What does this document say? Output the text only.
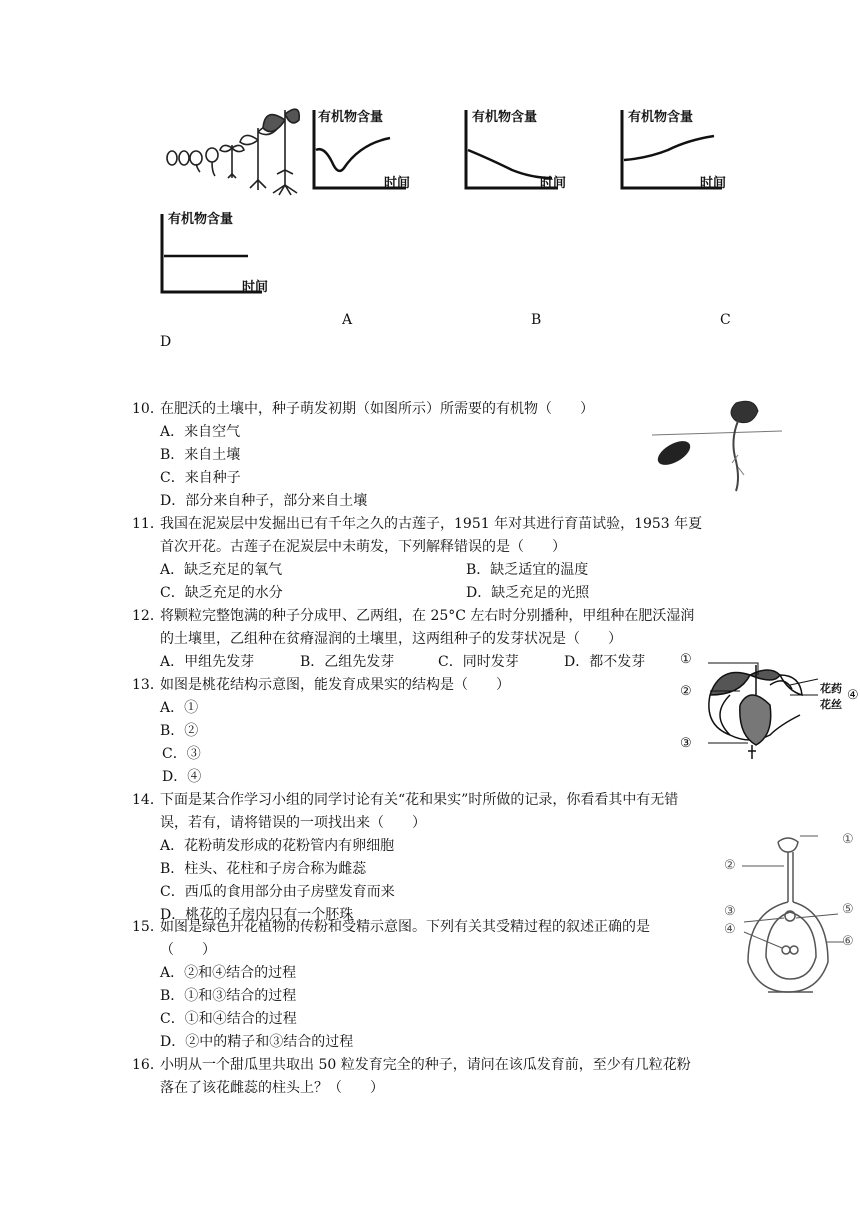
有机物含量
时间
有机物含量
时间
有机物含量
时间
有机物含量
时间
A	B	C
D
10．
在肥沃的土壤中，种子萌发初期（如图所示）所需要的有机物（　　）
A．来自空气
B．来自土壤
C．来自种子
D．部分来自种子，部分来自土壤
11．
我国在泥炭层中发掘出已有千年之久的古莲子，1951 年对其进行育苗试验，1953 年夏
首次开花。古莲子在泥炭层中未萌发，下列解释错误的是（　　）
A．缺乏充足的氧气	B．缺乏适宜的温度
C．缺乏充足的水分	D．缺乏充足的光照
12．
将颗粒完整饱满的种子分成甲、乙两组，在 25°C 左右时分别播种，甲组种在肥沃湿润
的土壤里，乙组种在贫瘠湿润的土壤里，这两组种子的发芽状况是（　　）
A．甲组先发芽	B．乙组先发芽	C．同时发芽	D．都不发芽
13．
如图是桃花结构示意图，能发育成果实的结构是（　　）
A．①
B．②
C．③
D．④
①
②
③
④
花药
花丝
14．
下面是某合作学习小组的同学讨论有关“花和果实”时所做的记录，你看看其中有无错
误，若有，请将错误的一项找出来（　　）
A．花粉萌发形成的花粉管内有卵细胞
B．柱头、花柱和子房合称为雌蕊
C．西瓜的食用部分由子房壁发育而来
D．桃花的子房内只有一个胚珠
①
②
③
④
⑤
⑥
15．
如图是绿色开花植物的传粉和受精示意图。下列有关其受精过程的叙述正确的是
（　　）
A．②和④结合的过程
B．①和③结合的过程
C．①和④结合的过程
D．②中的精子和③结合的过程
16．
小明从一个甜瓜里共取出 50 粒发育完全的种子，请问在该瓜发育前，至少有几粒花粉
落在了该花雌蕊的柱头上？（　　）
